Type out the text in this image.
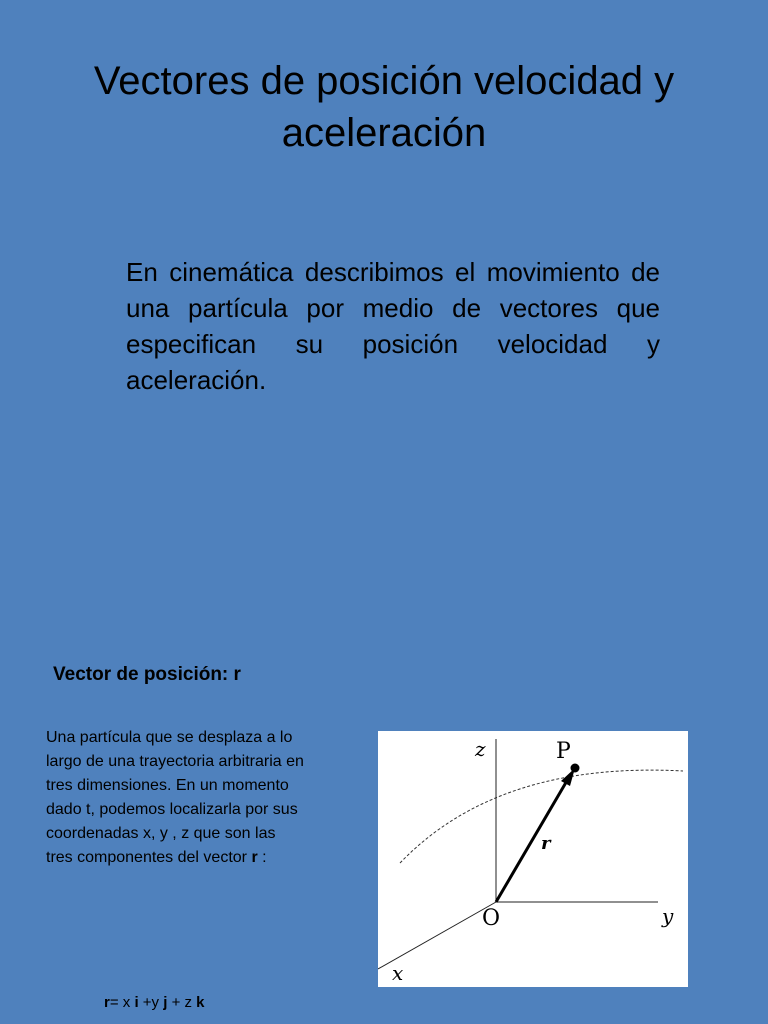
Vectores de posición velocidad y aceleración

En cinemática describimos el movimiento de una partícula por medio de vectores que especifican su posición velocidad y aceleración.

Vector de posición: r

Una partícula que se desplaza a lo largo de una trayectoria arbitraria en tres dimensiones. En un momento dado t, podemos localizarla por sus coordenadas x, y , z que son las tres componentes del vector r :

r= x i +y j + z k

z	P
r
O	y
x
